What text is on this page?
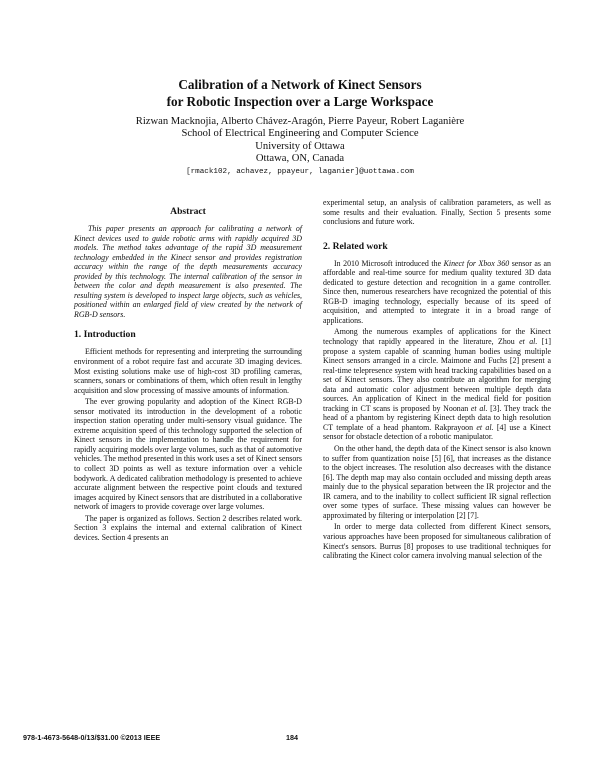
Calibration of a Network of Kinect Sensors
for Robotic Inspection over a Large Workspace
Rizwan Macknojia, Alberto Chávez-Aragón, Pierre Payeur, Robert Laganière
School of Electrical Engineering and Computer Science
University of Ottawa
Ottawa, ON, Canada
[rmack102, achavez, ppayeur, laganier]@uottawa.com
Abstract

This paper presents an approach for calibrating a network of Kinect devices used to guide robotic arms with rapidly acquired 3D models. The method takes advantage of the rapid 3D measurement technology embedded in the Kinect sensor and provides registration accuracy within the range of the depth measurements accuracy provided by this technology. The internal calibration of the sensor in between the color and depth measurement is also presented. The resulting system is developed to inspect large objects, such as vehicles, positioned within an enlarged field of view created by the network of RGB-D sensors.

1. Introduction

Efficient methods for representing and interpreting the surrounding environment of a robot require fast and accurate 3D imaging devices. Most existing solutions make use of high-cost 3D profiling cameras, scanners, sonars or combinations of them, which often result in lengthy acquisition and slow processing of massive amounts of information.

The ever growing popularity and adoption of the Kinect RGB-D sensor motivated its introduction in the development of a robotic inspection station operating under multi-sensory visual guidance. The extreme acquisition speed of this technology supported the selection of Kinect sensors in the implementation to handle the requirement for rapidly acquiring models over large volumes, such as that of automotive vehicles. The method presented in this work uses a set of Kinect sensors to collect 3D points as well as texture information over a vehicle bodywork. A dedicated calibration methodology is presented to achieve accurate alignment between the respective point clouds and textured images acquired by Kinect sensors that are distributed in a collaborative network of imagers to provide coverage over large volumes.

The paper is organized as follows. Section 2 describes related work. Section 3 explains the internal and external calibration of Kinect devices. Section 4 presents an

experimental setup, an analysis of calibration parameters, as well as some results and their evaluation. Finally, Section 5 presents some conclusions and future work.

2. Related work

In 2010 Microsoft introduced the Kinect for Xbox 360 sensor as an affordable and real-time source for medium quality textured 3D data dedicated to gesture detection and recognition in a game controller. Since then, numerous researchers have recognized the potential of this RGB-D imaging technology, especially because of its speed of acquisition, and attempted to integrate it in a broad range of applications.

Among the numerous examples of applications for the Kinect technology that rapidly appeared in the literature, Zhou et al. [1] propose a system capable of scanning human bodies using multiple Kinect sensors arranged in a circle. Maimone and Fuchs [2] present a real-time telepresence system with head tracking capabilities based on a set of Kinect sensors. They also contribute an algorithm for merging data and automatic color adjustment between multiple depth data sources. An application of Kinect in the medical field for position tracking in CT scans is proposed by Noonan et al. [3]. They track the head of a phantom by registering Kinect depth data to high resolution CT template of a head phantom. Rakprayoon et al. [4] use a Kinect sensor for obstacle detection of a robotic manipulator.

On the other hand, the depth data of the Kinect sensor is also known to suffer from quantization noise [5] [6], that increases as the distance to the object increases. The resolution also decreases with the distance [6]. The depth map may also contain occluded and missing depth areas mainly due to the physical separation between the IR projector and the IR camera, and to the inability to collect sufficient IR signal reflection over some types of surface. These missing values can however be approximated by filtering or interpolation [2] [7].

In order to merge data collected from different Kinect sensors, various approaches have been proposed for simultaneous calibration of Kinect's sensors. Burrus [8] proposes to use traditional techniques for calibrating the Kinect color camera involving manual selection of the

978-1-4673-5648-0/13/$31.00 ©2013 IEEE	184
